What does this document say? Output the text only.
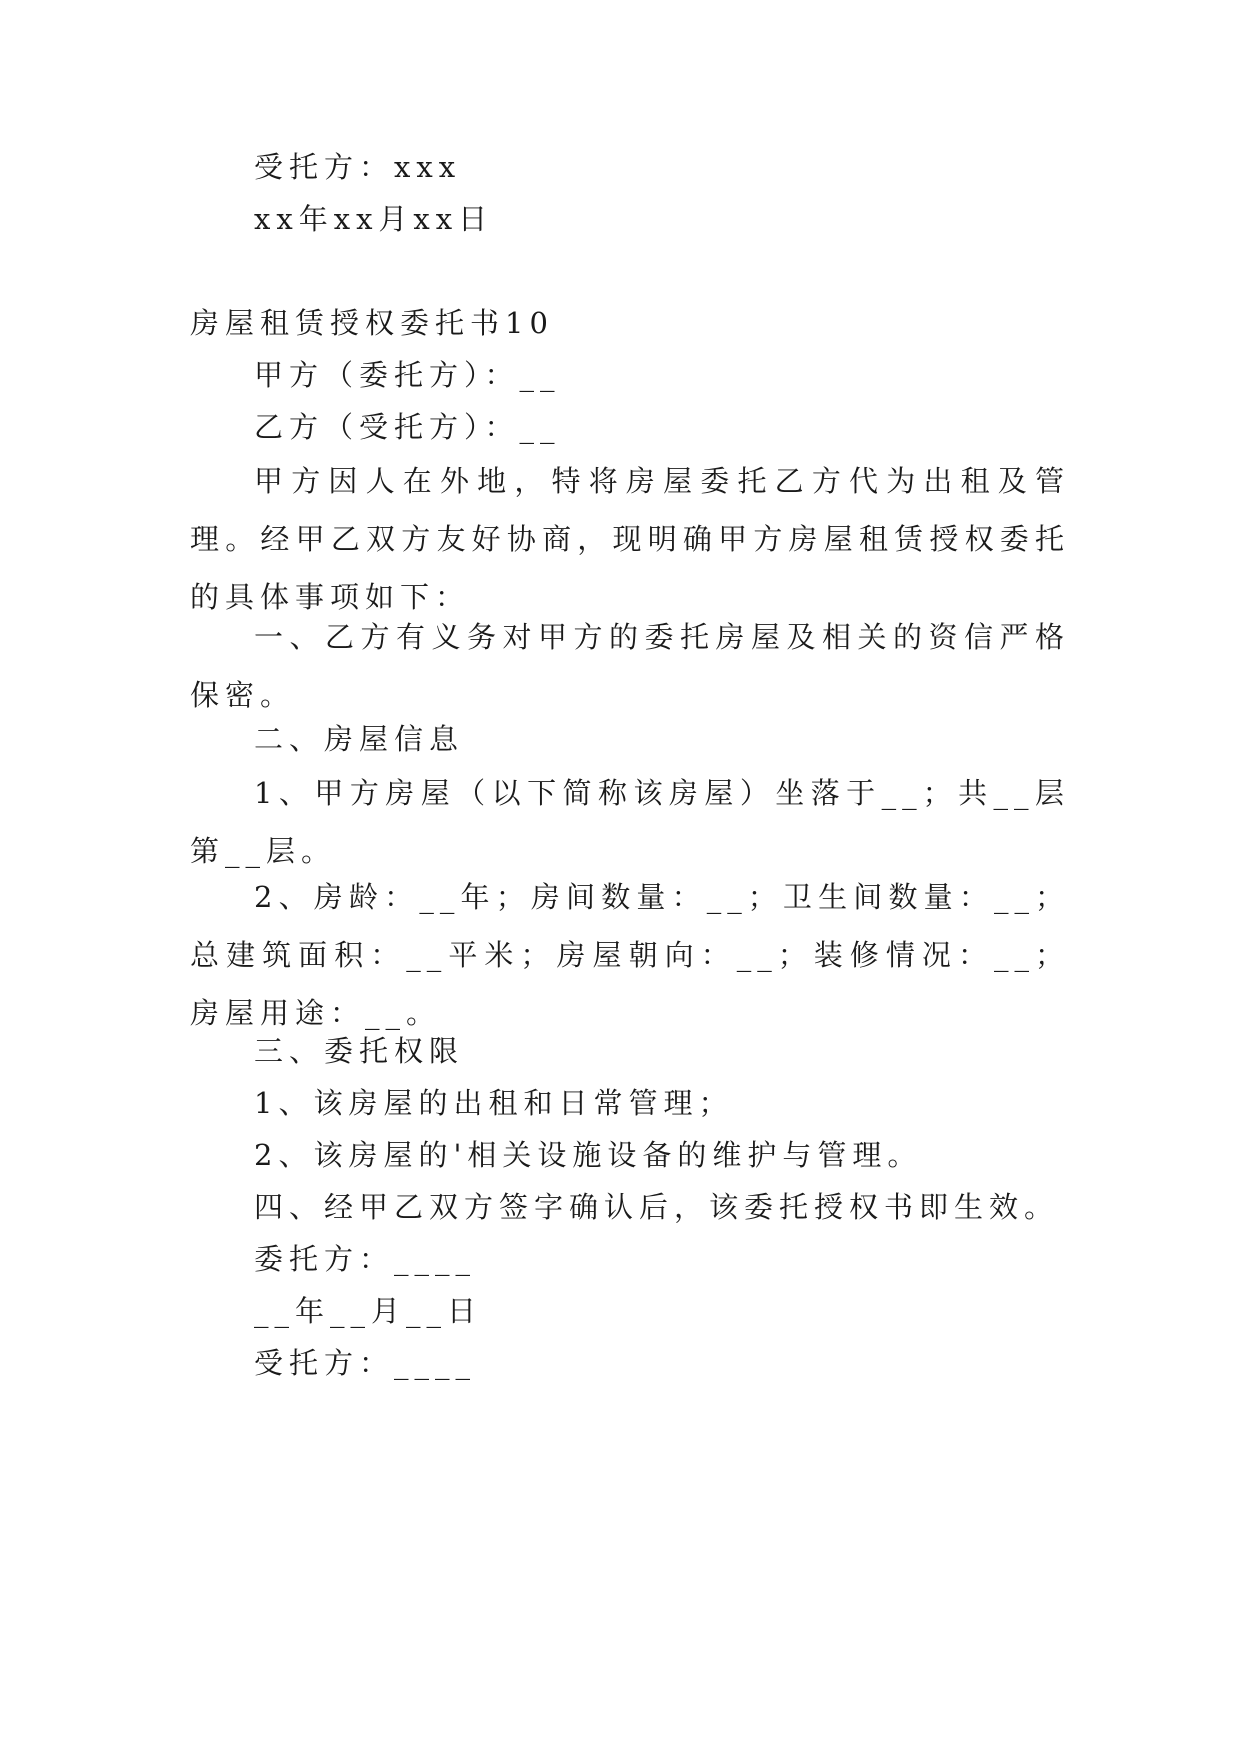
受托方：xxx
xx年xx月xx日
房屋租赁授权委托书10
甲方（委托方）：__
乙方（受托方）：__
甲方因人在外地，特将房屋委托乙方代为出租及管理。经甲乙双方友好协商，现明确甲方房屋租赁授权委托的具体事项如下：
一、乙方有义务对甲方的委托房屋及相关的资信严格保密。
二、房屋信息
1、甲方房屋（以下简称该房屋）坐落于__；共__层第__层。
2、房龄：__年；房间数量：__；卫生间数量：__；总建筑面积：__平米；房屋朝向：__；装修情况：__；房屋用途：__。
三、委托权限
1、该房屋的出租和日常管理；
2、该房屋的'相关设施设备的维护与管理。
四、经甲乙双方签字确认后，该委托授权书即生效。
委托方：____
__年__月__日
受托方：____
